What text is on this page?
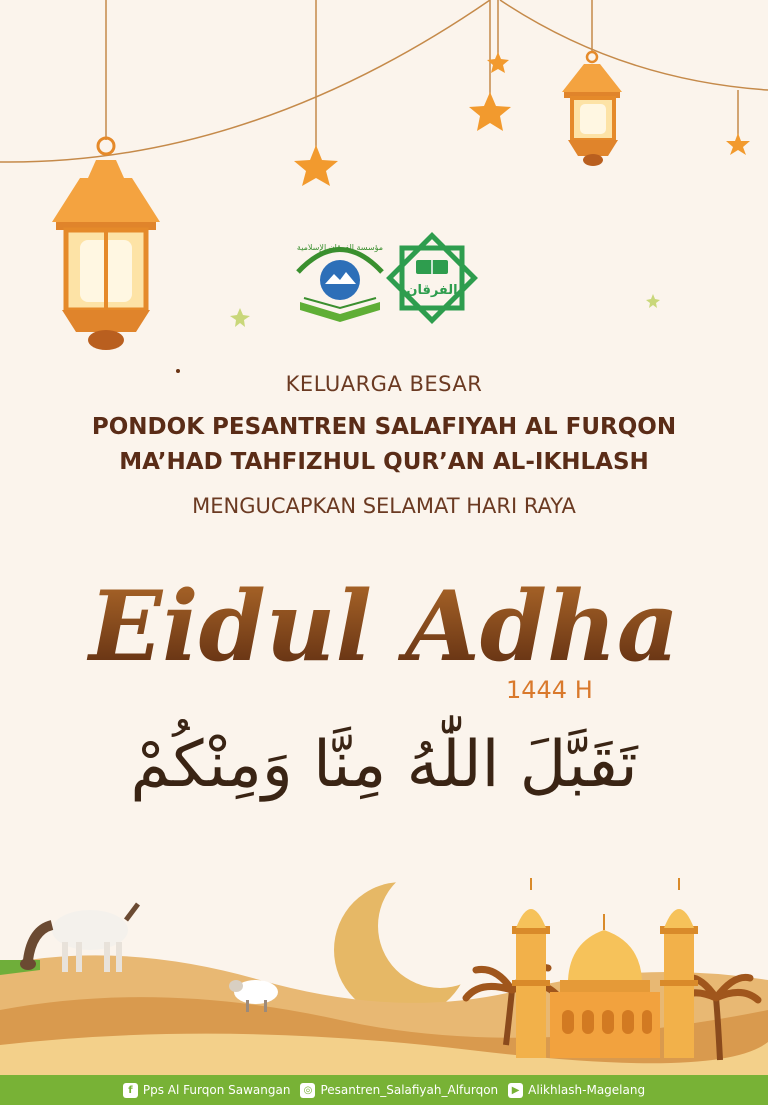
مؤسسة الفرقان الإسلامية
الفرقان
KELUARGA BESAR
PONDOK PESANTREN SALAFIYAH AL FURQON
MA’HAD TAHFIZHUL QUR’AN AL-IKHLASH
MENGUCAPKAN SELAMAT HARI RAYA
Eidul Adha
1444 H
تَقَبَّلَ اللّٰهُ مِنَّا وَمِنْكُمْ
f Pps Al Furqon Sawangan	◎ Pesantren_Salafiyah_Alfurqon	▶ Alikhlash-Magelang
